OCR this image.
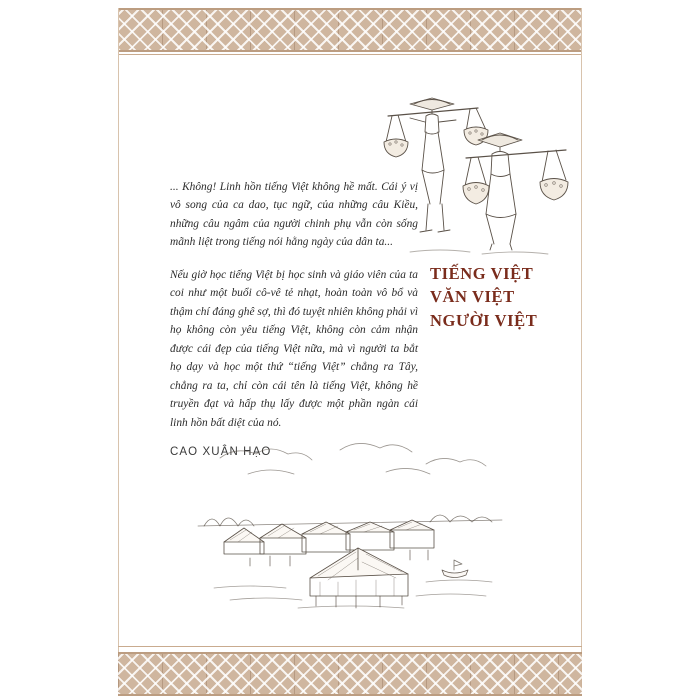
... Không! Linh hồn tiếng Việt không hề mất. Cái ý vị vô song của ca dao, tục ngữ, của những câu Kiều, những câu ngâm của người chinh phụ vẫn còn sống mãnh liệt trong tiếng nói hằng ngày của dân ta...

Nếu giờ học tiếng Việt bị học sinh và giáo viên của ta coi như một buổi cô-vê tẻ nhạt, hoàn toàn vô bổ và thậm chí đáng ghê sợ, thì đó tuyệt nhiên không phải vì họ không còn yêu tiếng Việt, không còn cảm nhận được cái đẹp của tiếng Việt nữa, mà vì người ta bắt họ dạy và học một thứ “tiếng Việt” chẳng ra Tây, chẳng ra ta, chỉ còn cái tên là tiếng Việt, không hề truyền đạt và hấp thụ lấy được một phần ngàn cái linh hồn bất diệt của nó.

CAO XUÂN HẠO
TIẾNG VIỆT
VĂN VIỆT
NGƯỜI VIỆT
